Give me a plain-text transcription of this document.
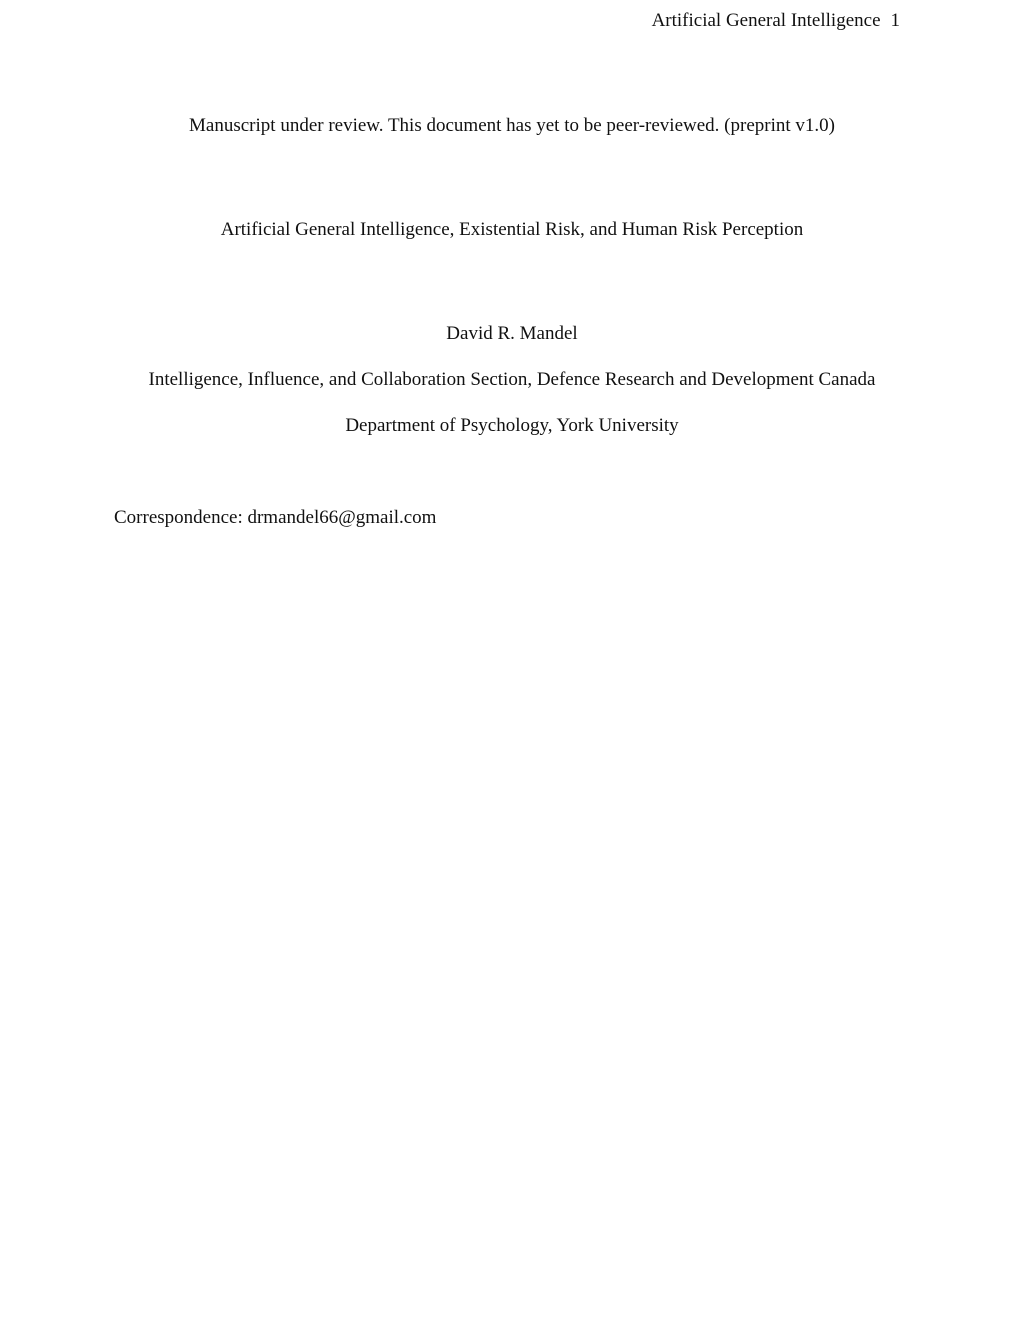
Artificial General Intelligence 1
Manuscript under review. This document has yet to be peer-reviewed. (preprint v1.0)
Artificial General Intelligence, Existential Risk, and Human Risk Perception
David R. Mandel
Intelligence, Influence, and Collaboration Section, Defence Research and Development Canada
Department of Psychology, York University
Correspondence: drmandel66@gmail.com
